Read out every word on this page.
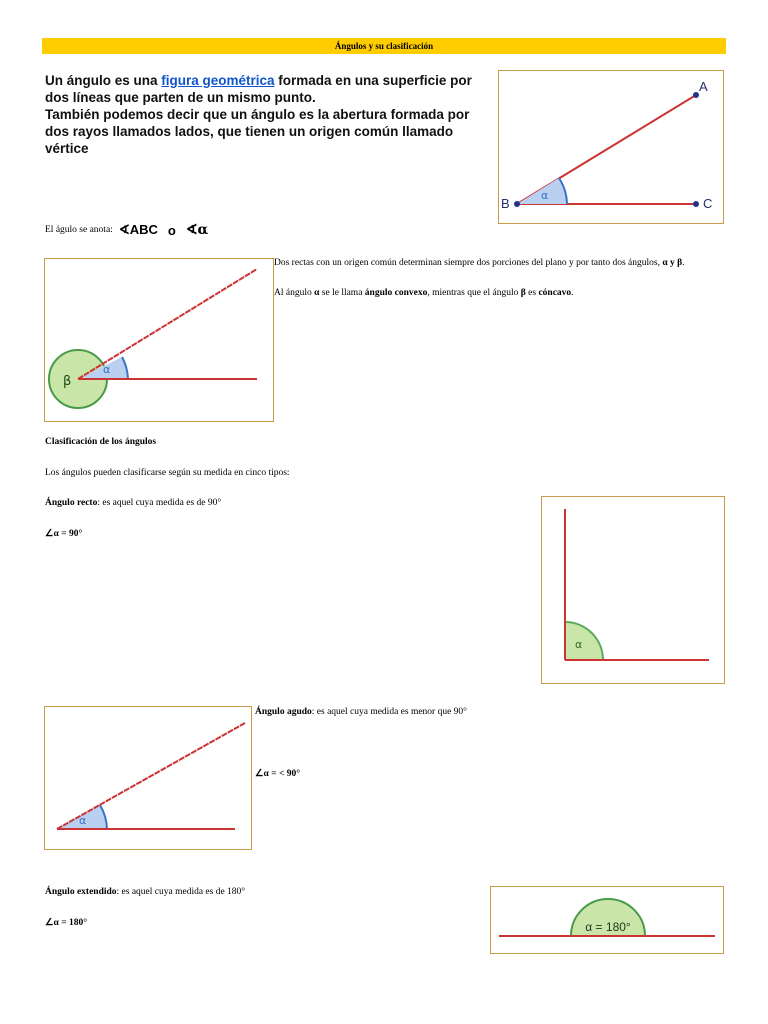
Ángulos y su clasificación
Un ángulo es una figura geométrica formada en una superficie por dos líneas que parten de un mismo punto.
También podemos decir que un ángulo es la abertura formada por dos rayos llamados lados, que tienen un origen común llamado vértice
A
B	C
α
El águlo se anota: ∢ABC o ∢α
α
β
Dos rectas con un origen común determinan siempre dos porciones del plano y por tanto dos ángulos, α y β.
Al ángulo α se le llama ángulo convexo, mientras que el ángulo β es cóncavo.
Clasificación de los ángulos
Los ángulos pueden clasificarse según su medida en cinco tipos:
Ángulo recto: es aquel cuya medida es de 90°
∠α = 90°
α
α
Ángulo agudo: es aquel cuya medida es menor que 90°
∠α = < 90°
Ángulo extendido: es aquel cuya medida es de 180°
∠α = 180°	α = 180°
